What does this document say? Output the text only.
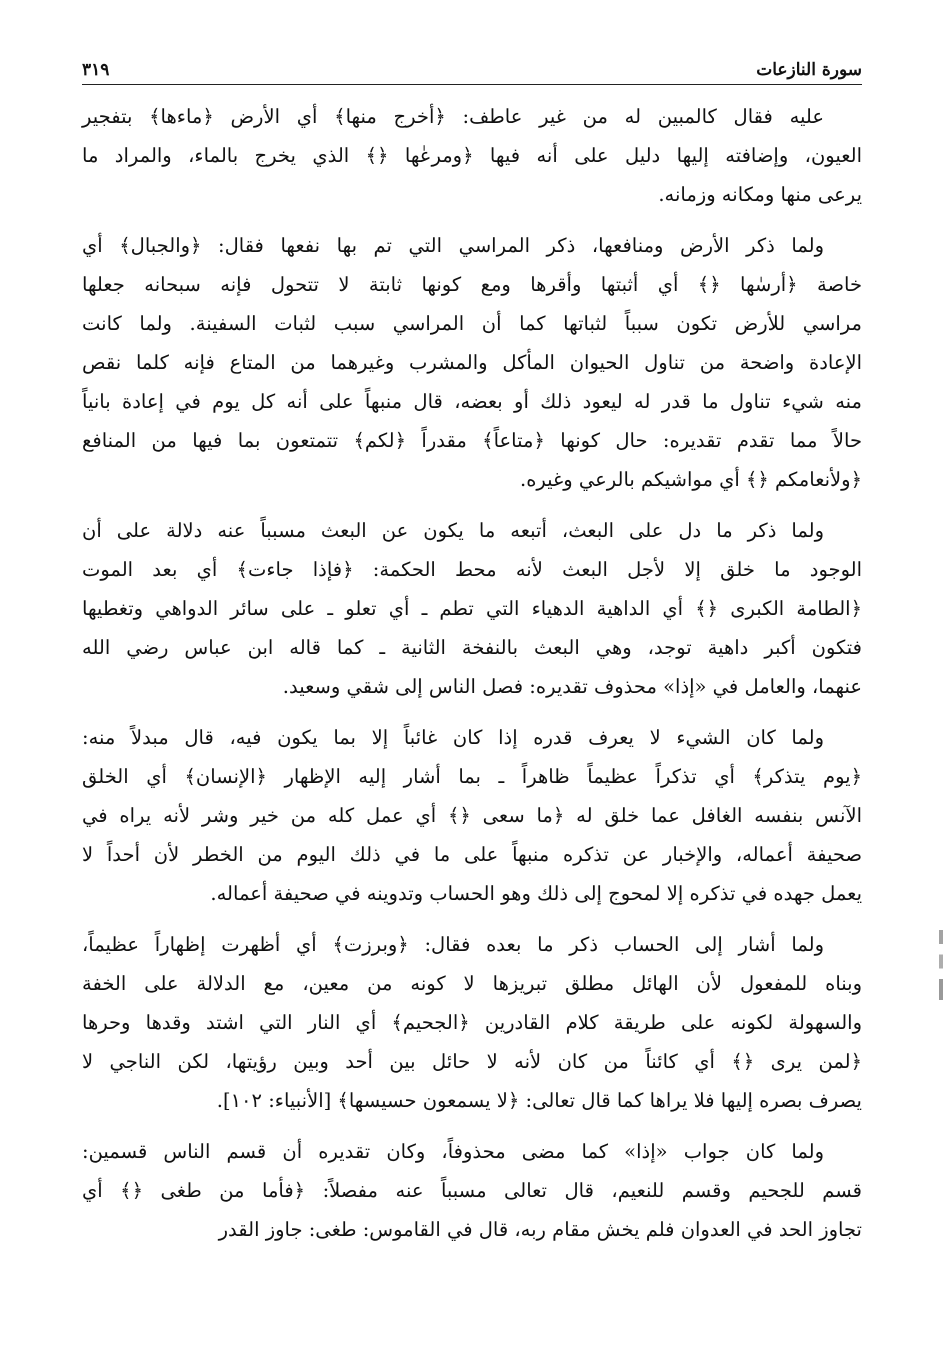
سورة النازعات
٣١٩

عليه فقال كالمبين له من غير عاطف: ﴿أخرج منها﴾ أي الأرض ﴿ماءها﴾ بتفجير
العيون، وإضافته إليها دليل على أنه فيها ﴿ومرعٰها ﴿﴾ الذي يخرج بالماء، والمراد ما
يرعى منها ومكانه وزمانه.

ولما ذكر الأرض ومنافعها، ذكر المراسي التي تم بها نفعها فقال: ﴿والجبال﴾ أي
خاصة ﴿أرسٰها ﴿﴾ أي أثبتها وأقرها ومع كونها ثابتة لا تتحول فإنه سبحانه جعلها
مراسي للأرض تكون سبباً لثباتها كما أن المراسي سبب لثبات السفينة. ولما كانت
الإعادة واضحة من تناول الحيوان المأكل والمشرب وغيرهما من المتاع فإنه كلما نقص
منه شيء تناول ما قدر له ليعود ذلك أو بعضه، قال منبهاً على أنه كل يوم في إعادة بانياً
حالاً مما تقدم تقديره: حال كونها ﴿متاعاً﴾ مقدراً ﴿لكم﴾ تتمتعون بما فيها من المنافع
﴿ولأنعامكم ﴿﴾ أي مواشيكم بالرعي وغيره.

ولما ذكر ما دل على البعث، أتبعه ما يكون عن البعث مسبباً عنه دلالة على أن
الوجود ما خلق إلا لأجل البعث لأنه محط الحكمة: ﴿فإذا جاءت﴾ أي بعد الموت
﴿الطامة الكبرى ﴿﴾ أي الداهية الدهياء التي تطم ـ أي تعلو ـ على سائر الدواهي وتغطيها
فتكون أكبر داهية توجد، وهي البعث بالنفخة الثانية ـ كما قاله ابن عباس رضي الله
عنهما، والعامل في «إذا» محذوف تقديره: فصل الناس إلى شقي وسعيد.

ولما كان الشيء لا يعرف قدره إذا كان غائباً إلا بما يكون فيه، قال مبدلاً منه:
﴿يوم يتذكر﴾ أي تذكراً عظيماً ظاهراً ـ بما أشار إليه الإظهار ﴿الإنسان﴾ أي الخلق
الآنس بنفسه الغافل عما خلق له ﴿ما سعى ﴿﴾ أي عمل كله من خير وشر لأنه يراه في
صحيفة أعماله، والإخبار عن تذكره منبهاً على ما في ذلك اليوم من الخطر لأن أحداً لا
يعمل جهده في تذكره إلا لمحوج إلى ذلك وهو الحساب وتدوينه في صحيفة أعماله.

ولما أشار إلى الحساب ذكر ما بعده فقال: ﴿وبرزت﴾ أي أظهرت إظهاراً عظيماً،
وبناه للمفعول لأن الهائل مطلق تبريزها لا كونه من معين، مع الدلالة على الخفة
والسهولة لكونه على طريقة كلام القادرين ﴿الجحيم﴾ أي النار التي اشتد وقدها وحرها
﴿لمن يرى ﴿﴾ أي كائناً من كان لأنه لا حائل بين أحد وبين رؤيتها، لكن الناجي لا
يصرف بصره إليها فلا يراها كما قال تعالى: ﴿لا يسمعون حسيسها﴾ [الأنبياء: ١٠٢].

ولما كان جواب «إذا» كما مضى محذوفاً، وكان تقديره أن قسم الناس قسمين:
قسم للجحيم وقسم للنعيم، قال تعالى مسبباً عنه مفصلاً: ﴿فأما من طغى ﴿﴾ أي
تجاوز الحد في العدوان فلم يخش مقام ربه، قال في القاموس: طغى: جاوز القدر
